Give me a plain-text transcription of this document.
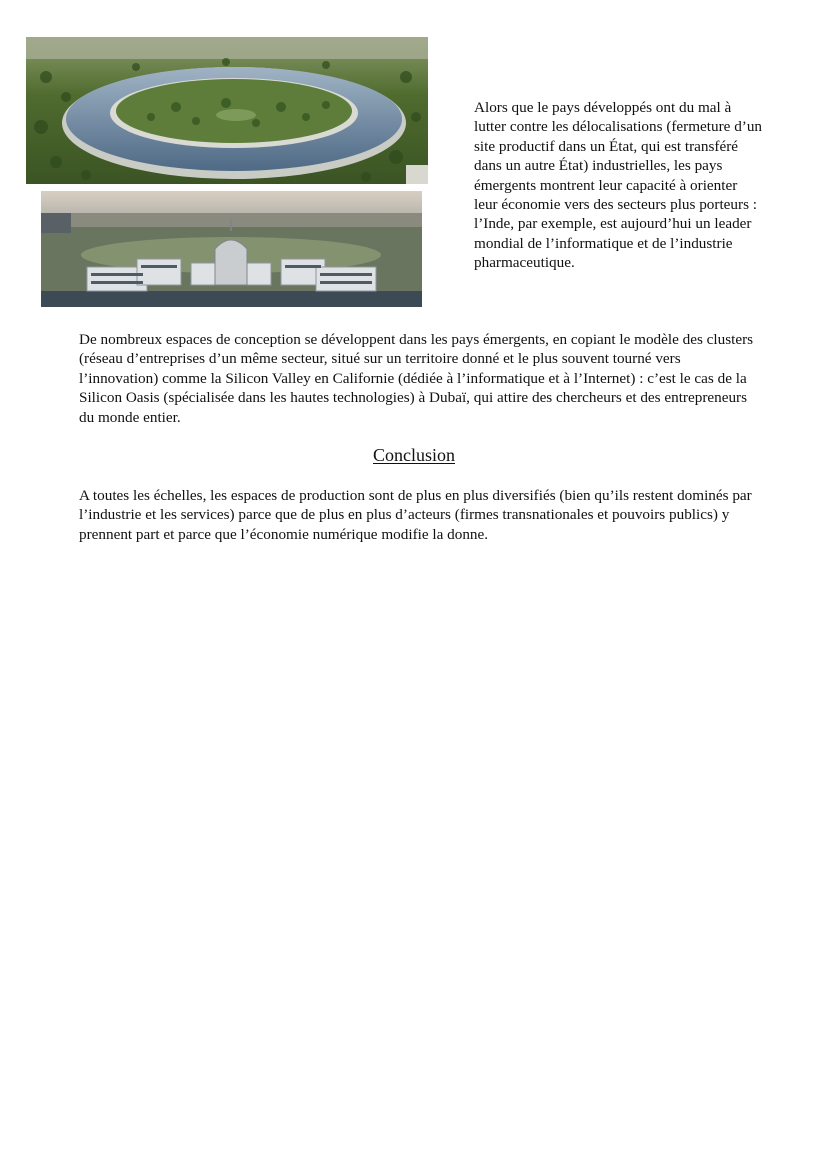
Alors que le pays développés ont du mal à lutter contre les délocalisations (fermeture d’un site productif dans un État, qui est transféré dans un autre État) industrielles, les pays émergents montrent leur capacité à orienter leur économie vers des secteurs plus porteurs : l’Inde, par exemple, est aujourd’hui un leader mondial de l’informatique et de l’industrie pharmaceutique.

De nombreux espaces de conception se développent dans les pays émergents, en copiant le modèle des clusters (réseau d’entreprises d’un même secteur, situé sur un territoire donné et le plus souvent tourné vers l’innovation) comme la Silicon Valley en Californie (dédiée à l’informatique et à l’Internet) : c’est le cas de la Silicon Oasis (spécialisée dans les hautes technologies) à Dubaï, qui attire des chercheurs et des entrepreneurs du monde entier.

Conclusion

A toutes les échelles, les espaces de production sont de plus en plus diversifiés (bien qu’ils restent dominés par l’industrie et les services) parce que de plus en plus d’acteurs (firmes transnationales et pouvoirs publics) y prennent part et parce que l’économie numérique modifie la donne.
